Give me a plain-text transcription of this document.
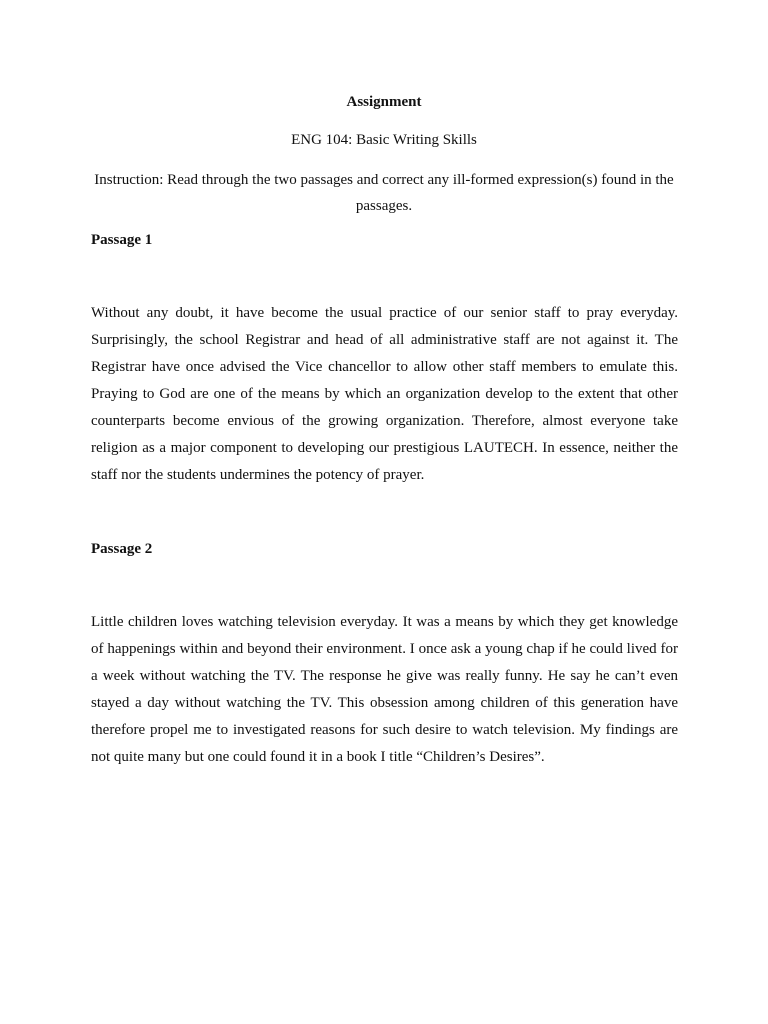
Assignment
ENG 104: Basic Writing Skills
Instruction: Read through the two passages and correct any ill-formed expression(s) found in the passages.
Passage 1
Without any doubt, it have become the usual practice of our senior staff to pray everyday. Surprisingly, the school Registrar and head of all administrative staff are not against it. The Registrar have once advised the Vice chancellor to allow other staff members to emulate this. Praying to God are one of the means by which an organization develop to the extent that other counterparts become envious of the growing organization. Therefore, almost everyone take religion as a major component to developing our prestigious LAUTECH. In essence, neither the staff nor the students undermines the potency of prayer.
Passage 2
Little children loves watching television everyday. It was a means by which they get knowledge of happenings within and beyond their environment. I once ask a young chap if he could lived for a week without watching the TV. The response he give was really funny. He say he can’t even stayed a day without watching the TV. This obsession among children of this generation have therefore propel me to investigated reasons for such desire to watch television. My findings are not quite many but one could found it in a book I title “Children’s Desires”.
